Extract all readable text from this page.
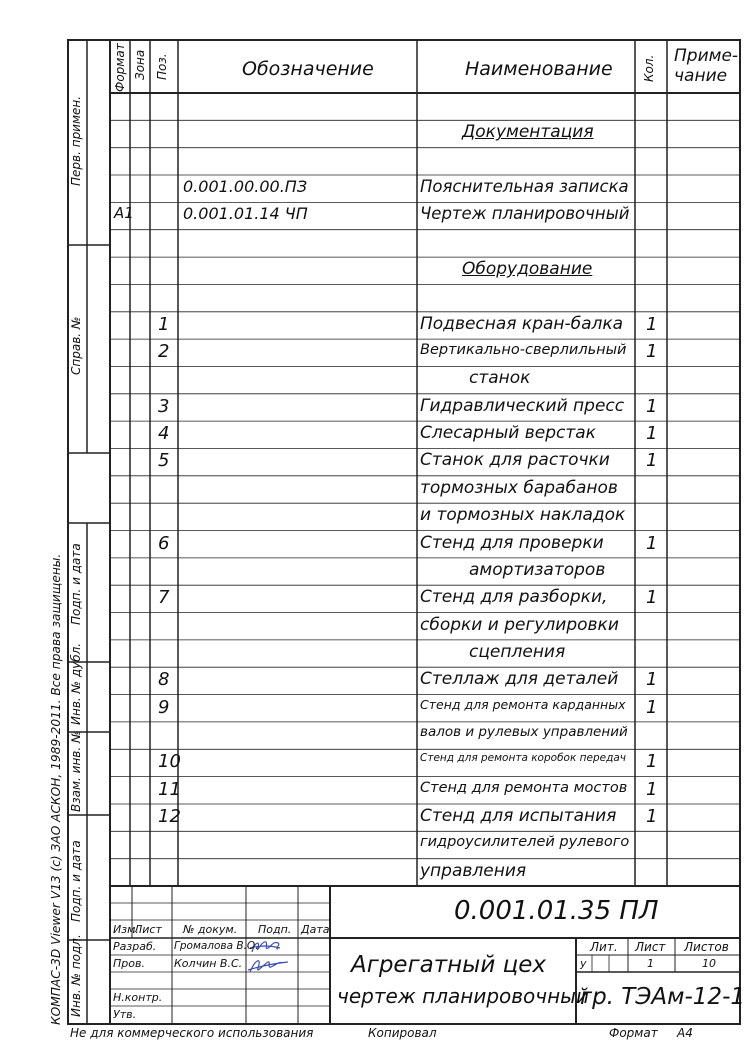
Формат Зона Поз.	Обозначение	Наименование Кол. Приме-
чание
Документация
0.001.00.00.ПЗ	Пояснительная записка
А1	0.001.01.14 ЧП	Чертеж планировочный
Оборудование
1	Подвесная кран-балка 1
2	Вертикально-сверлильный 1
станок
3	Гидравлический пресс 1
4	Слесарный верстак	1
5	Станок для расточки 1
тормозных барабанов
и тормозных накладок
6	Стенд для проверки 1
амортизаторов
7	Стенд для разборки, 1
сборки и регулировки
сцепления
8	Стеллаж для деталей 1
9	Стенд для ремонта карданных 1
валов и рулевых управлений
10	Стенд для ремонта коробок передач 1
11	Стенд для ремонта мостов 1
12	Стенд для испытания 1
гидроусилителей рулевого
управления
Перв. примен.
Справ. №
Подп. и дата
Инв. № дубл.
Взам. инв. №
Подп. и дата
Инв. № подл.
КОМПАС-3D Viewer V13 (c) ЗАО АСКОН, 1989-2011. Все права защищены.	0.001.01.35 ПЛ
Изм.
Лист № докум. Подп. Дата
Разраб. Громалова В.О.
Пров.	Колчин В.С.
Н.контр.
Утв.
Агрегатный цех
чертеж планировочный
Лит. Лист Листов
у	1	10
гр. ТЭАм-12-1
Не для коммерческого использования	Копировал	Формат А4
